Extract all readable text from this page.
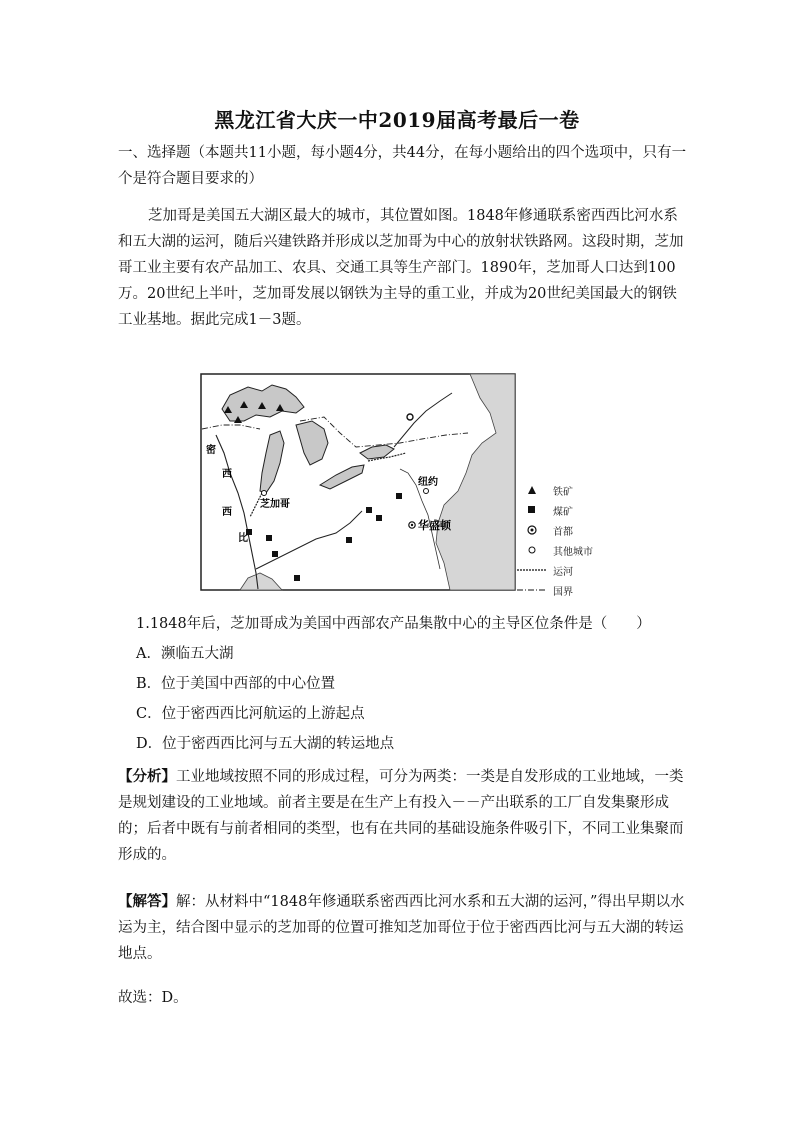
黑龙江省大庆一中2019届高考最后一卷
一、选择题（本题共11小题，每小题4分，共44分，在每小题给出的四个选项中，只有一
个是符合题目要求的）

芝加哥是美国五大湖区最大的城市，其位置如图。1848年修通联系密西西比河水系和五大湖的运河，随后兴建铁路并形成以芝加哥为中心的放射状铁路网。这段时期，芝加哥工业主要有农产品加工、农具、交通工具等生产部门。1890年，芝加哥人口达到100万。20世纪上半叶，芝加哥发展以钢铁为主导的重工业，并成为20世纪美国最大的钢铁工业基地。据此完成1－3题。

密
西
西
比
芝加哥
纽约
华盛顿
铁矿
煤矿
首都
其他城市
运河
国界
1.1848年后，芝加哥成为美国中西部农产品集散中心的主导区位条件是（　　）
A．濒临五大湖
B．位于美国中西部的中心位置
C．位于密西西比河航运的上游起点
D．位于密西西比河与五大湖的转运地点

【分析】工业地域按照不同的形成过程，可分为两类：一类是自发形成的工业地域，一类是规划建设的工业地域。前者主要是在生产上有投入－－产出联系的工厂自发集聚形成的；后者中既有与前者相同的类型，也有在共同的基础设施条件吸引下，不同工业集聚而形成的。

【解答】解：从材料中“1848年修通联系密西西比河水系和五大湖的运河，”得出早期以水运为主，结合图中显示的芝加哥的位置可推知芝加哥位于位于密西西比河与五大湖的转运地点。

故选：D。
